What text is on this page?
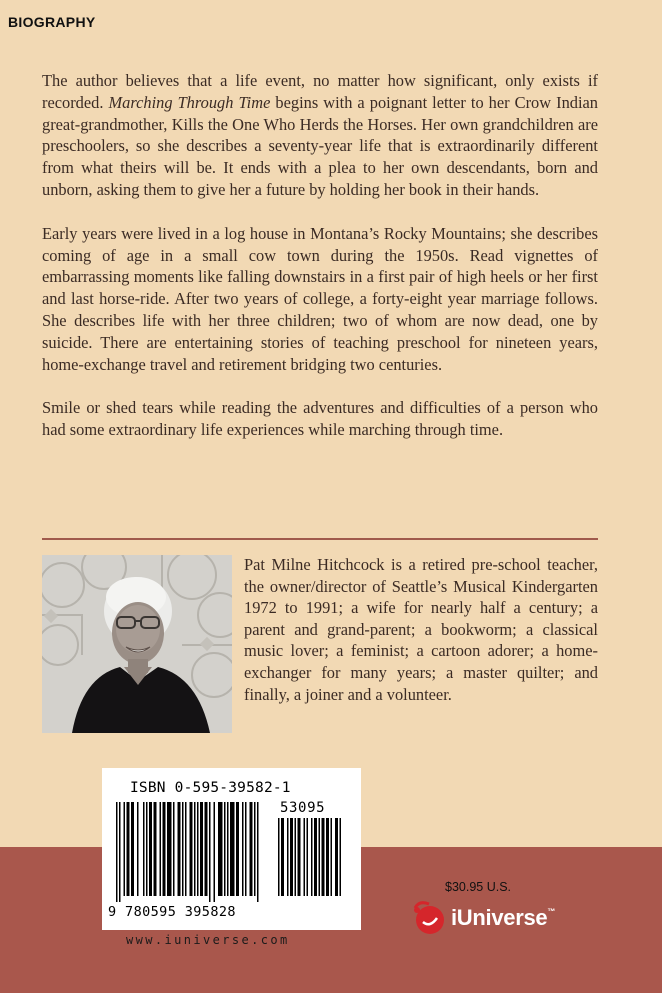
BIOGRAPHY

The author believes that a life event, no matter how significant, only exists if recorded. Marching Through Time begins with a poignant letter to her Crow Indian great-grandmother, Kills the One Who Herds the Horses. Her own grandchildren are preschoolers, so she describes a seventy-year life that is extraordinarily different from what theirs will be. It ends with a plea to her own descendants, born and unborn, asking them to give her a future by holding her book in their hands.

Early years were lived in a log house in Montana’s Rocky Mountains; she describes coming of age in a small cow town during the 1950s. Read vignettes of embarrassing moments like falling downstairs in a first pair of high heels or her first and last horse-ride. After two years of college, a forty-eight year marriage follows. She describes life with her three children; two of whom are now dead, one by suicide. There are entertaining stories of teaching preschool for nineteen years, home-exchange travel and retirement bridging two centuries.

Smile or shed tears while reading the adventures and difficulties of a person who had some extraordinary life experiences while marching through time.

Pat Milne Hitchcock is a retired pre-school teacher, the owner/director of Seattle’s Musical Kindergarten 1972 to 1991; a wife for nearly half a century; a parent and grand-parent; a bookworm; a classical music lover; a feminist; a cartoon adorer; a home-exchanger for many years; a master quilter; and finally, a joiner and a volunteer.
ISBN 0-595-39582-1
53095
9 780595 395828
www.iuniverse.com
$30.95 U.S.
iUniverse™
